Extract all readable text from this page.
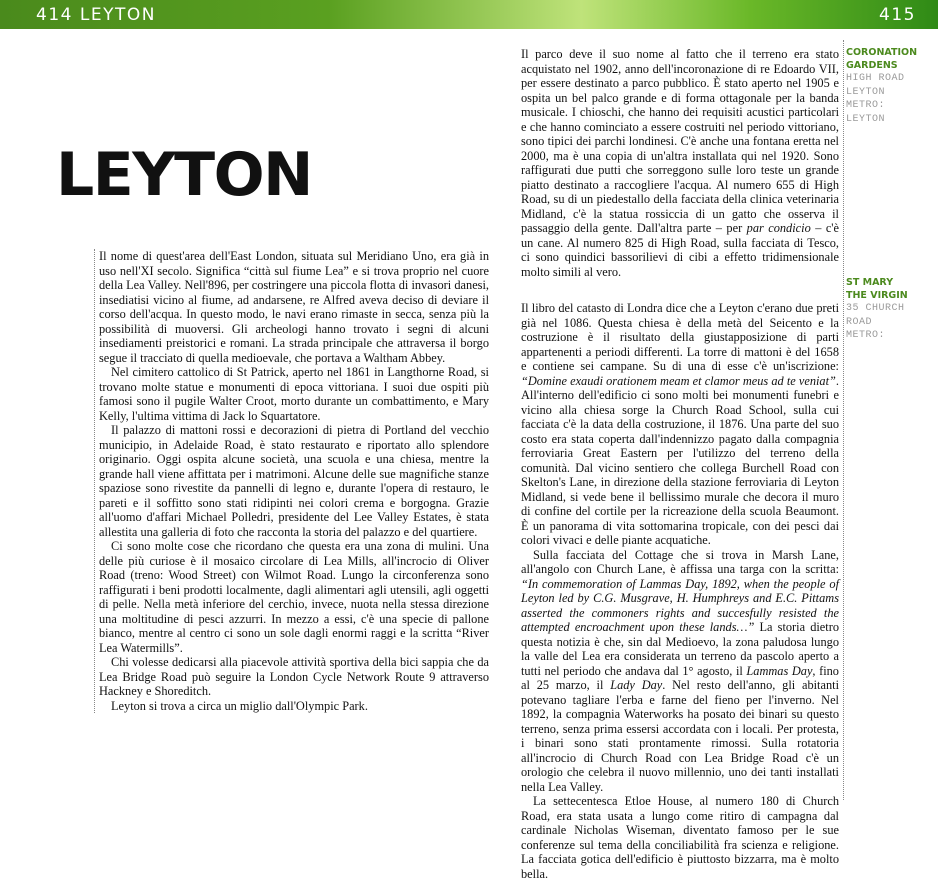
414 LEYTON	415
LEYTON

Il nome di quest'area dell'East London, situata sul Meridiano Uno, era già in uso nell'XI secolo. Significa “città sul fiume Lea” e si trova proprio nel cuore della Lea Valley. Nell'896, per costringere una piccola flotta di invasori danesi, insediatisi vicino al fiume, ad andarsene, re Alfred aveva deciso di deviare il corso dell'acqua. In questo modo, le navi erano rimaste in secca, senza più la possibilità di muoversi. Gli archeologi hanno trovato i segni di alcuni insediamenti preistorici e romani. La strada principale che attraversa il borgo segue il tracciato di quella medioevale, che portava a Waltham Abbey.

Nel cimitero cattolico di St Patrick, aperto nel 1861 in Langthorne Road, si trovano molte statue e monumenti di epoca vittoriana. I suoi due ospiti più famosi sono il pugile Walter Croot, morto durante un combattimento, e Mary Kelly, l'ultima vittima di Jack lo Squartatore.

Il palazzo di mattoni rossi e decorazioni di pietra di Portland del vecchio municipio, in Adelaide Road, è stato restaurato e riportato allo splendore originario. Oggi ospita alcune società, una scuola e una chiesa, mentre la grande hall viene affittata per i matrimoni. Alcune delle sue magnifiche stanze spaziose sono rivestite da pannelli di legno e, durante l'opera di restauro, le pareti e il soffitto sono stati ridipinti nei colori crema e borgogna. Grazie all'uomo d'affari Michael Polledri, presidente del Lee Valley Estates, è stata allestita una galleria di foto che racconta la storia del palazzo e del quartiere.

Ci sono molte cose che ricordano che questa era una zona di mulini. Una delle più curiose è il mosaico circolare di Lea Mills, all'incrocio di Oliver Road (treno: Wood Street) con Wilmot Road. Lungo la circonferenza sono raffigurati i beni prodotti localmente, dagli alimentari agli utensili, agli oggetti di pelle. Nella metà inferiore del cerchio, invece, nuota nella stessa direzione una moltitudine di pesci azzurri. In mezzo a essi, c'è una specie di pallone bianco, mentre al centro ci sono un sole dagli enormi raggi e la scritta “River Lea Watermills”.

Chi volesse dedicarsi alla piacevole attività sportiva della bici sappia che da Lea Bridge Road può seguire la London Cycle Network Route 9 attraverso Hackney e Shoreditch.

Leyton si trova a circa un miglio dall'Olympic Park.

Il parco deve il suo nome al fatto che il terreno era stato acquistato nel 1902, anno dell'incoronazione di re Edoardo VII, per essere destinato a parco pubblico. È stato aperto nel 1905 e ospita un bel palco grande e di forma ottagonale per la banda musicale. I chioschi, che hanno dei requisiti acustici particolari e che hanno cominciato a essere costruiti nel periodo vittoriano, sono tipici dei parchi londinesi. C'è anche una fontana eretta nel 2000, ma è una copia di un'altra installata qui nel 1920. Sono raffigurati due putti che sorreggono sulle loro teste un grande piatto destinato a raccogliere l'acqua. Al numero 655 di High Road, su di un piedestallo della facciata della clinica veterinaria Midland, c'è la statua rossiccia di un gatto che osserva il passaggio della gente. Dall'altra parte – per par condicio – c'è un cane. Al numero 825 di High Road, sulla facciata di Tesco, ci sono quindici bassorilievi di cibi a effetto tridimensionale molto simili al vero.

Il libro del catasto di Londra dice che a Leyton c'erano due preti già nel 1086. Questa chiesa è della metà del Seicento e la costruzione è il risultato della giustapposizione di parti appartenenti a periodi differenti. La torre di mattoni è del 1658 e contiene sei campane. Su di una di esse c'è un'iscrizione: “Domine exaudi orationem meam et clamor meus ad te veniat”. All'interno dell'edificio ci sono molti bei monumenti funebri e vicino alla chiesa sorge la Church Road School, sulla cui facciata c'è la data della costruzione, il 1876. Una parte del suo costo era stata coperta dall'indennizzo pagato dalla compagnia ferroviaria Great Eastern per l'utilizzo del terreno della comunità. Dal vicino sentiero che collega Burchell Road con Skelton's Lane, in direzione della stazione ferroviaria di Leyton Midland, si vede bene il bellissimo murale che decora il muro di confine del cortile per la ricreazione della scuola Beaumont. È un panorama di vita sottomarina tropicale, con dei pesci dai colori vivaci e delle piante acquatiche.

Sulla facciata del Cottage che si trova in Marsh Lane, all'angolo con Church Lane, è affissa una targa con la scritta: “In commemoration of Lammas Day, 1892, when the people of Leyton led by C.G. Musgrave, H. Humphreys and E.C. Pittams asserted the commoners rights and succesfully resisted the attempted encroachment upon these lands…” La storia dietro questa notizia è che, sin dal Medioevo, la zona paludosa lungo la valle del Lea era considerata un terreno da pascolo aperto a tutti nel periodo che andava dal 1° agosto, il Lammas Day, fino al 25 marzo, il Lady Day. Nel resto dell'anno, gli abitanti potevano tagliare l'erba e farne del fieno per l'inverno. Nel 1892, la compagnia Waterworks ha posato dei binari su questo terreno, senza prima essersi accordata con i locali. Per protesta, i binari sono stati prontamente rimossi. Sulla rotatoria all'incrocio di Church Road con Lea Bridge Road c'è un orologio che celebra il nuovo millennio, uno dei tanti installati nella Lea Valley.

La settecentesca Etloe House, al numero 180 di Church Road, era stata usata a lungo come ritiro di campagna dal cardinale Nicholas Wiseman, diventato famoso per le sue conferenze sul tema della conciliabilità fra scienza e religione. La facciata gotica dell'edificio è piuttosto bizzarra, ma è molto bella.

CORONATION
GARDENS
HIGH ROAD
LEYTON
METRO:
LEYTON
ST MARY
THE VIRGIN
35 CHURCH
ROAD
METRO:
